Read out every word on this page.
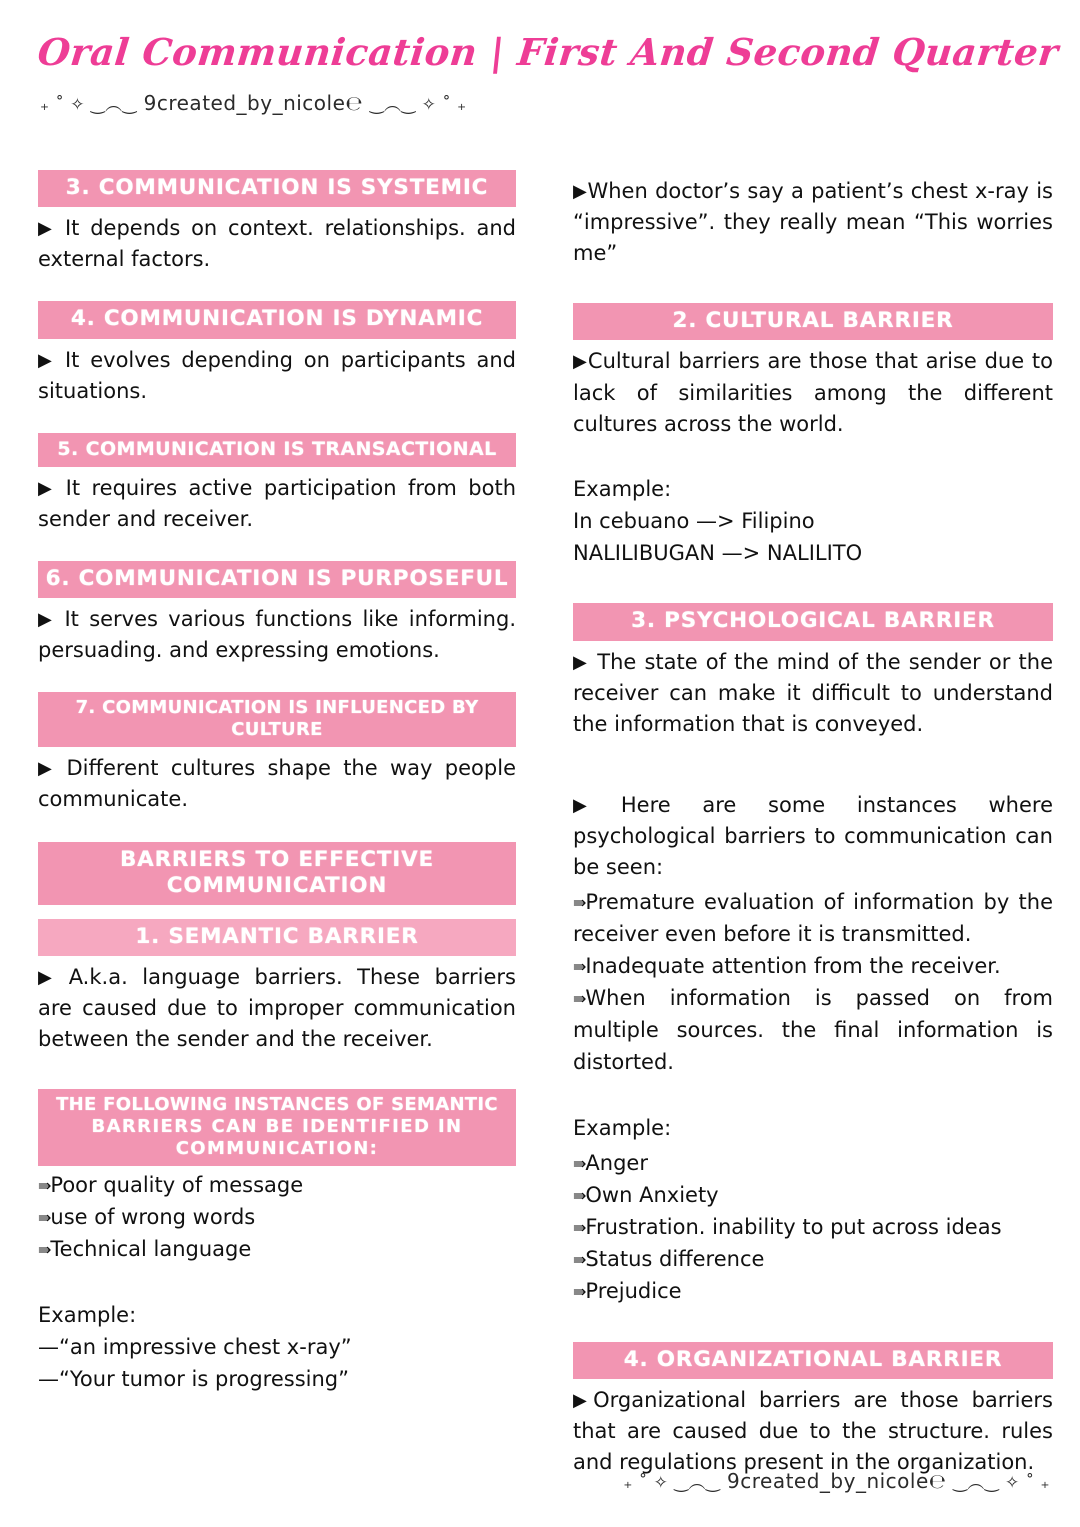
Oral Communication | First And Second Quarter
₊ ˚ ✧ ‿︵‿ 9created_by_nicole℮ ‿︵‿ ✧ ˚ ₊
3. COMMUNICATION IS SYSTEMIC

▶ It depends on context. relationships. and external factors.

4. COMMUNICATION IS DYNAMIC

▶ It evolves depending on participants and situations.

5. COMMUNICATION IS TRANSACTIONAL

▶ It requires active participation from both sender and receiver.

6. COMMUNICATION IS PURPOSEFUL

▶ It serves various functions like informing. persuading. and expressing emotions.

7. COMMUNICATION IS INFLUENCED BY CULTURE

▶ Different cultures shape the way people communicate.

BARRIERS TO EFFECTIVE COMMUNICATION
1. SEMANTIC BARRIER

▶ A.k.a. language barriers. These barriers are caused due to improper communication between the sender and the receiver.

THE FOLLOWING INSTANCES OF SEMANTIC
BARRIERS CAN BE IDENTIFIED IN COMMUNICATION:
⇛Poor quality of message
⇛use of wrong words
⇛Technical language

Example:

—“an impressive chest x-ray”

—“Your tumor is progressing”

▶When doctor’s say a patient’s chest x-ray is “impressive”. they really mean “This worries me”

2. CULTURAL BARRIER

▶Cultural barriers are those that arise due to lack of similarities among the different cultures across the world.

Example:

In cebuano —> Filipino

NALILIBUGAN —> NALILITO

3. PSYCHOLOGICAL BARRIER

▶ The state of the mind of the sender or the receiver can make it difficult to understand the information that is conveyed.

▶ Here are some instances where psychological barriers to communication can be seen:

⇛Premature evaluation of information by the receiver even before it is transmitted.
⇛Inadequate attention from the receiver.
⇛When information is passed on from multiple sources. the final information is distorted.

Example:

⇛Anger
⇛Own Anxiety
⇛Frustration. inability to put across ideas
⇛Status difference
⇛Prejudice
4. ORGANIZATIONAL BARRIER

▶Organizational barriers are those barriers that are caused due to the structure. rules and regulations present in the organization.

₊ ˚ ✧ ‿︵‿ 9created_by_nicole℮ ‿︵‿ ✧ ˚ ₊
